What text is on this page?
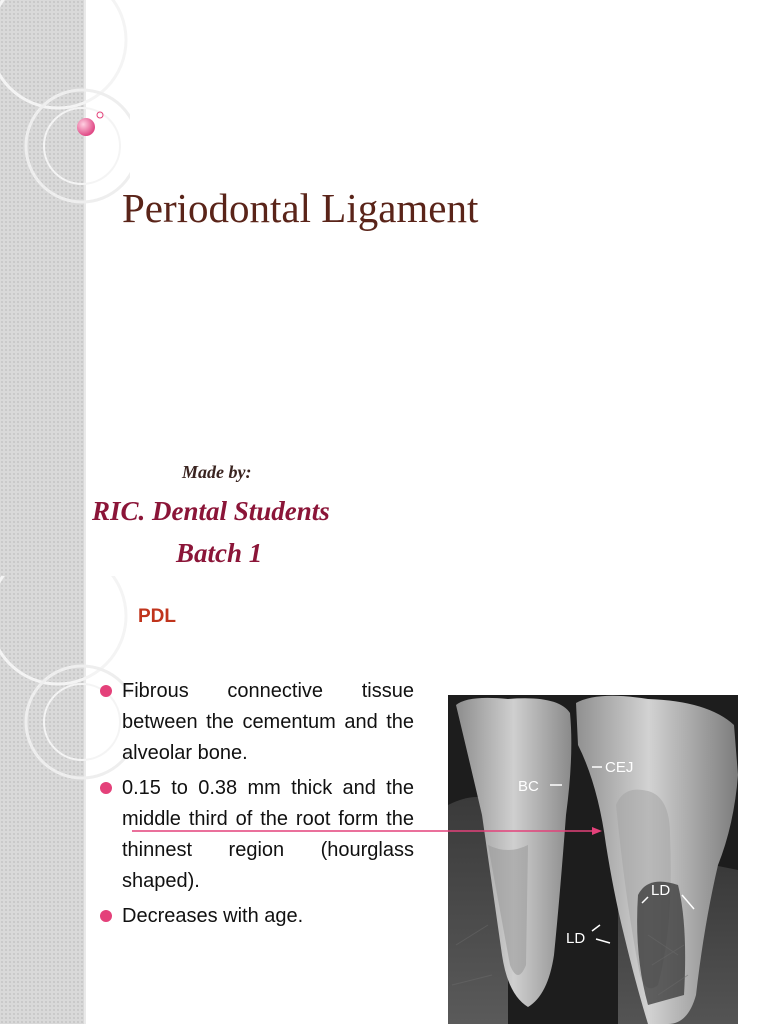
Periodontal Ligament
Made by:
RIC. Dental Students
Batch 1
PDL
Fibrous connective tissue between the cementum and the alveolar bone.
0.15 to 0.38 mm thick and the middle third of the root form the thinnest region (hourglass shaped).
Decreases with age.
CEJ
BC
LD
LD
